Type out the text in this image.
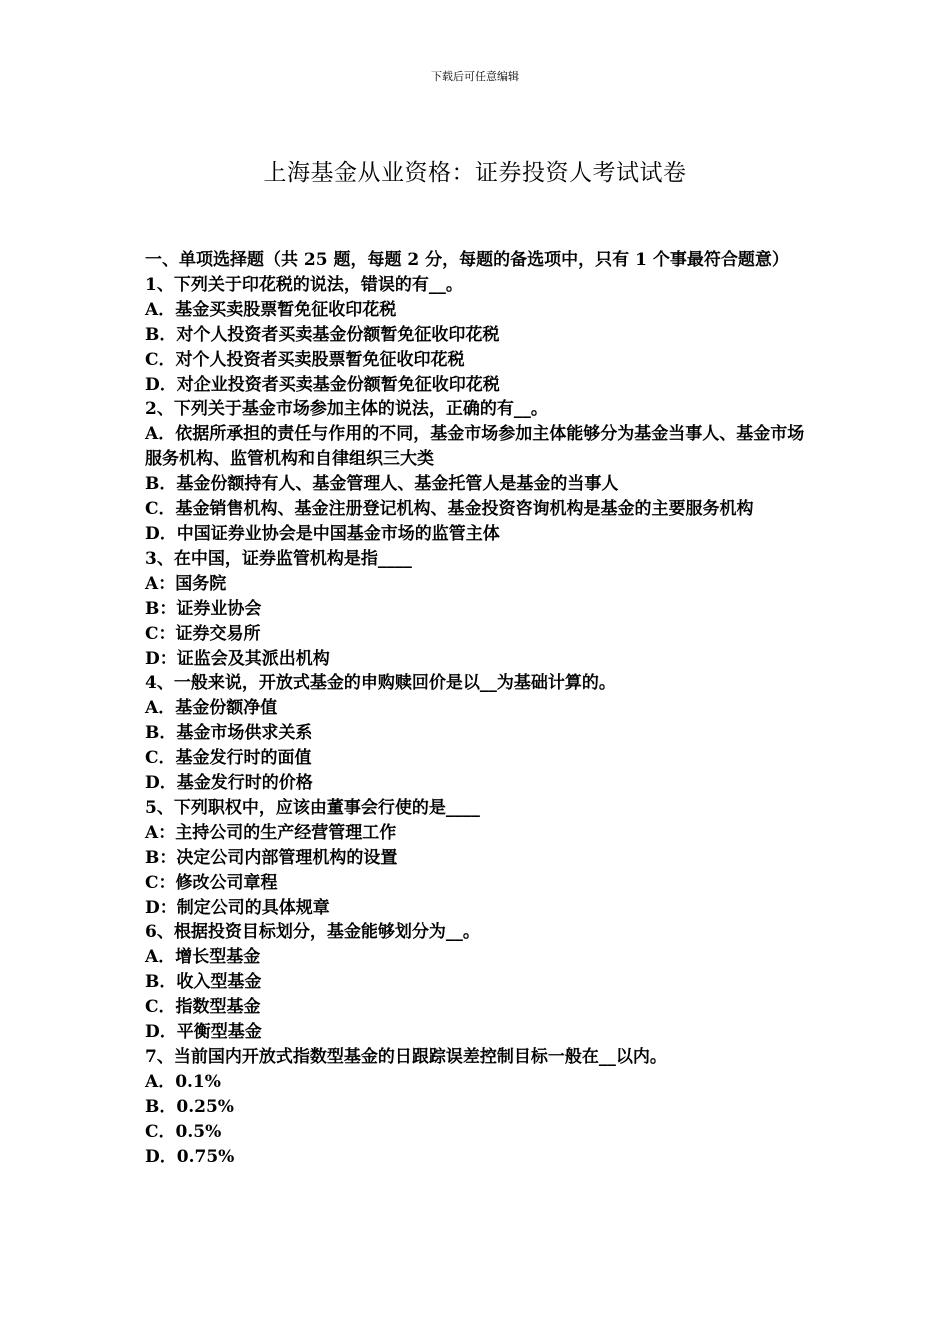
下载后可任意编辑
上海基金从业资格：证券投资人考试试卷

一、单项选择题（共 25 题，每题 2 分，每题的备选项中，只有 1 个事最符合题意）

1、下列关于印花税的说法，错误的有__。

A．基金买卖股票暂免征收印花税

B．对个人投资者买卖基金份额暂免征收印花税

C．对个人投资者买卖股票暂免征收印花税

D．对企业投资者买卖基金份额暂免征收印花税

2、下列关于基金市场参加主体的说法，正确的有__。

A．依据所承担的责任与作用的不同，基金市场参加主体能够分为基金当事人、基金市场服务机构、监管机构和自律组织三大类

B．基金份额持有人、基金管理人、基金托管人是基金的当事人

C．基金销售机构、基金注册登记机构、基金投资咨询机构是基金的主要服务机构

D．中国证券业协会是中国基金市场的监管主体

3、在中国，证券监管机构是指____

A：国务院

B：证券业协会

C：证券交易所

D：证监会及其派出机构

4、一般来说，开放式基金的申购赎回价是以__为基础计算的。

A．基金份额净值

B．基金市场供求关系

C．基金发行时的面值

D．基金发行时的价格

5、下列职权中，应该由董事会行使的是____

A：主持公司的生产经营管理工作

B：决定公司内部管理机构的设置

C：修改公司章程

D：制定公司的具体规章

6、根据投资目标划分，基金能够划分为__。

A．增长型基金

B．收入型基金

C．指数型基金

D．平衡型基金

7、当前国内开放式指数型基金的日跟踪误差控制目标一般在__以内。

A．0.1%

B．0.25%

C．0.5%

D．0.75%
